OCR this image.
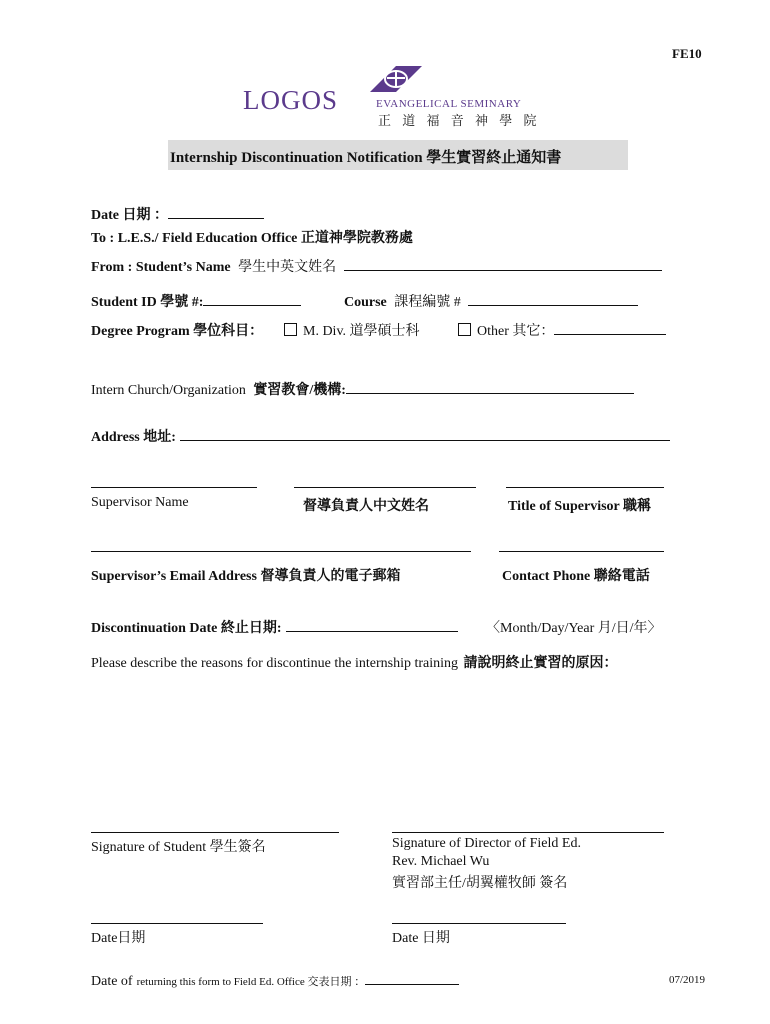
FE10
LOGOS	EVANGELICAL SEMINARY
正 道 福 音 神 學 院
Internship Discontinuation Notification 學生實習終止通知書
Date 日期 ：
To : L.E.S./ Field Education Office 正道神學院教務處
From : Student’s Name 學生中英文姓名
Student ID 學號 #:	Course 課程編號 #
Degree Program 學位科目：	M. Div. 道學碩士科	Other 其它：
Intern Church/Organization 實習教會/機構:
Address 地址:
Supervisor Name	督導負責人中文姓名	Title of Supervisor 職稱
Supervisor’s Email Address 督導負責人的電子郵箱	Contact Phone 聯絡電話
Discontinuation Date 終止日期:	〈Month/Day/Year 月/日/年〉
Please describe the reasons for discontinue the internship training 請說明終止實習的原因：
Signature of Student 學生簽名	Signature of Director of Field Ed.
Rev. Michael Wu
實習部主任/胡翼權牧師 簽名
Date日期	Date 日期
Date of returning this form to Field Ed. Office 交表日期 ：	07/2019
